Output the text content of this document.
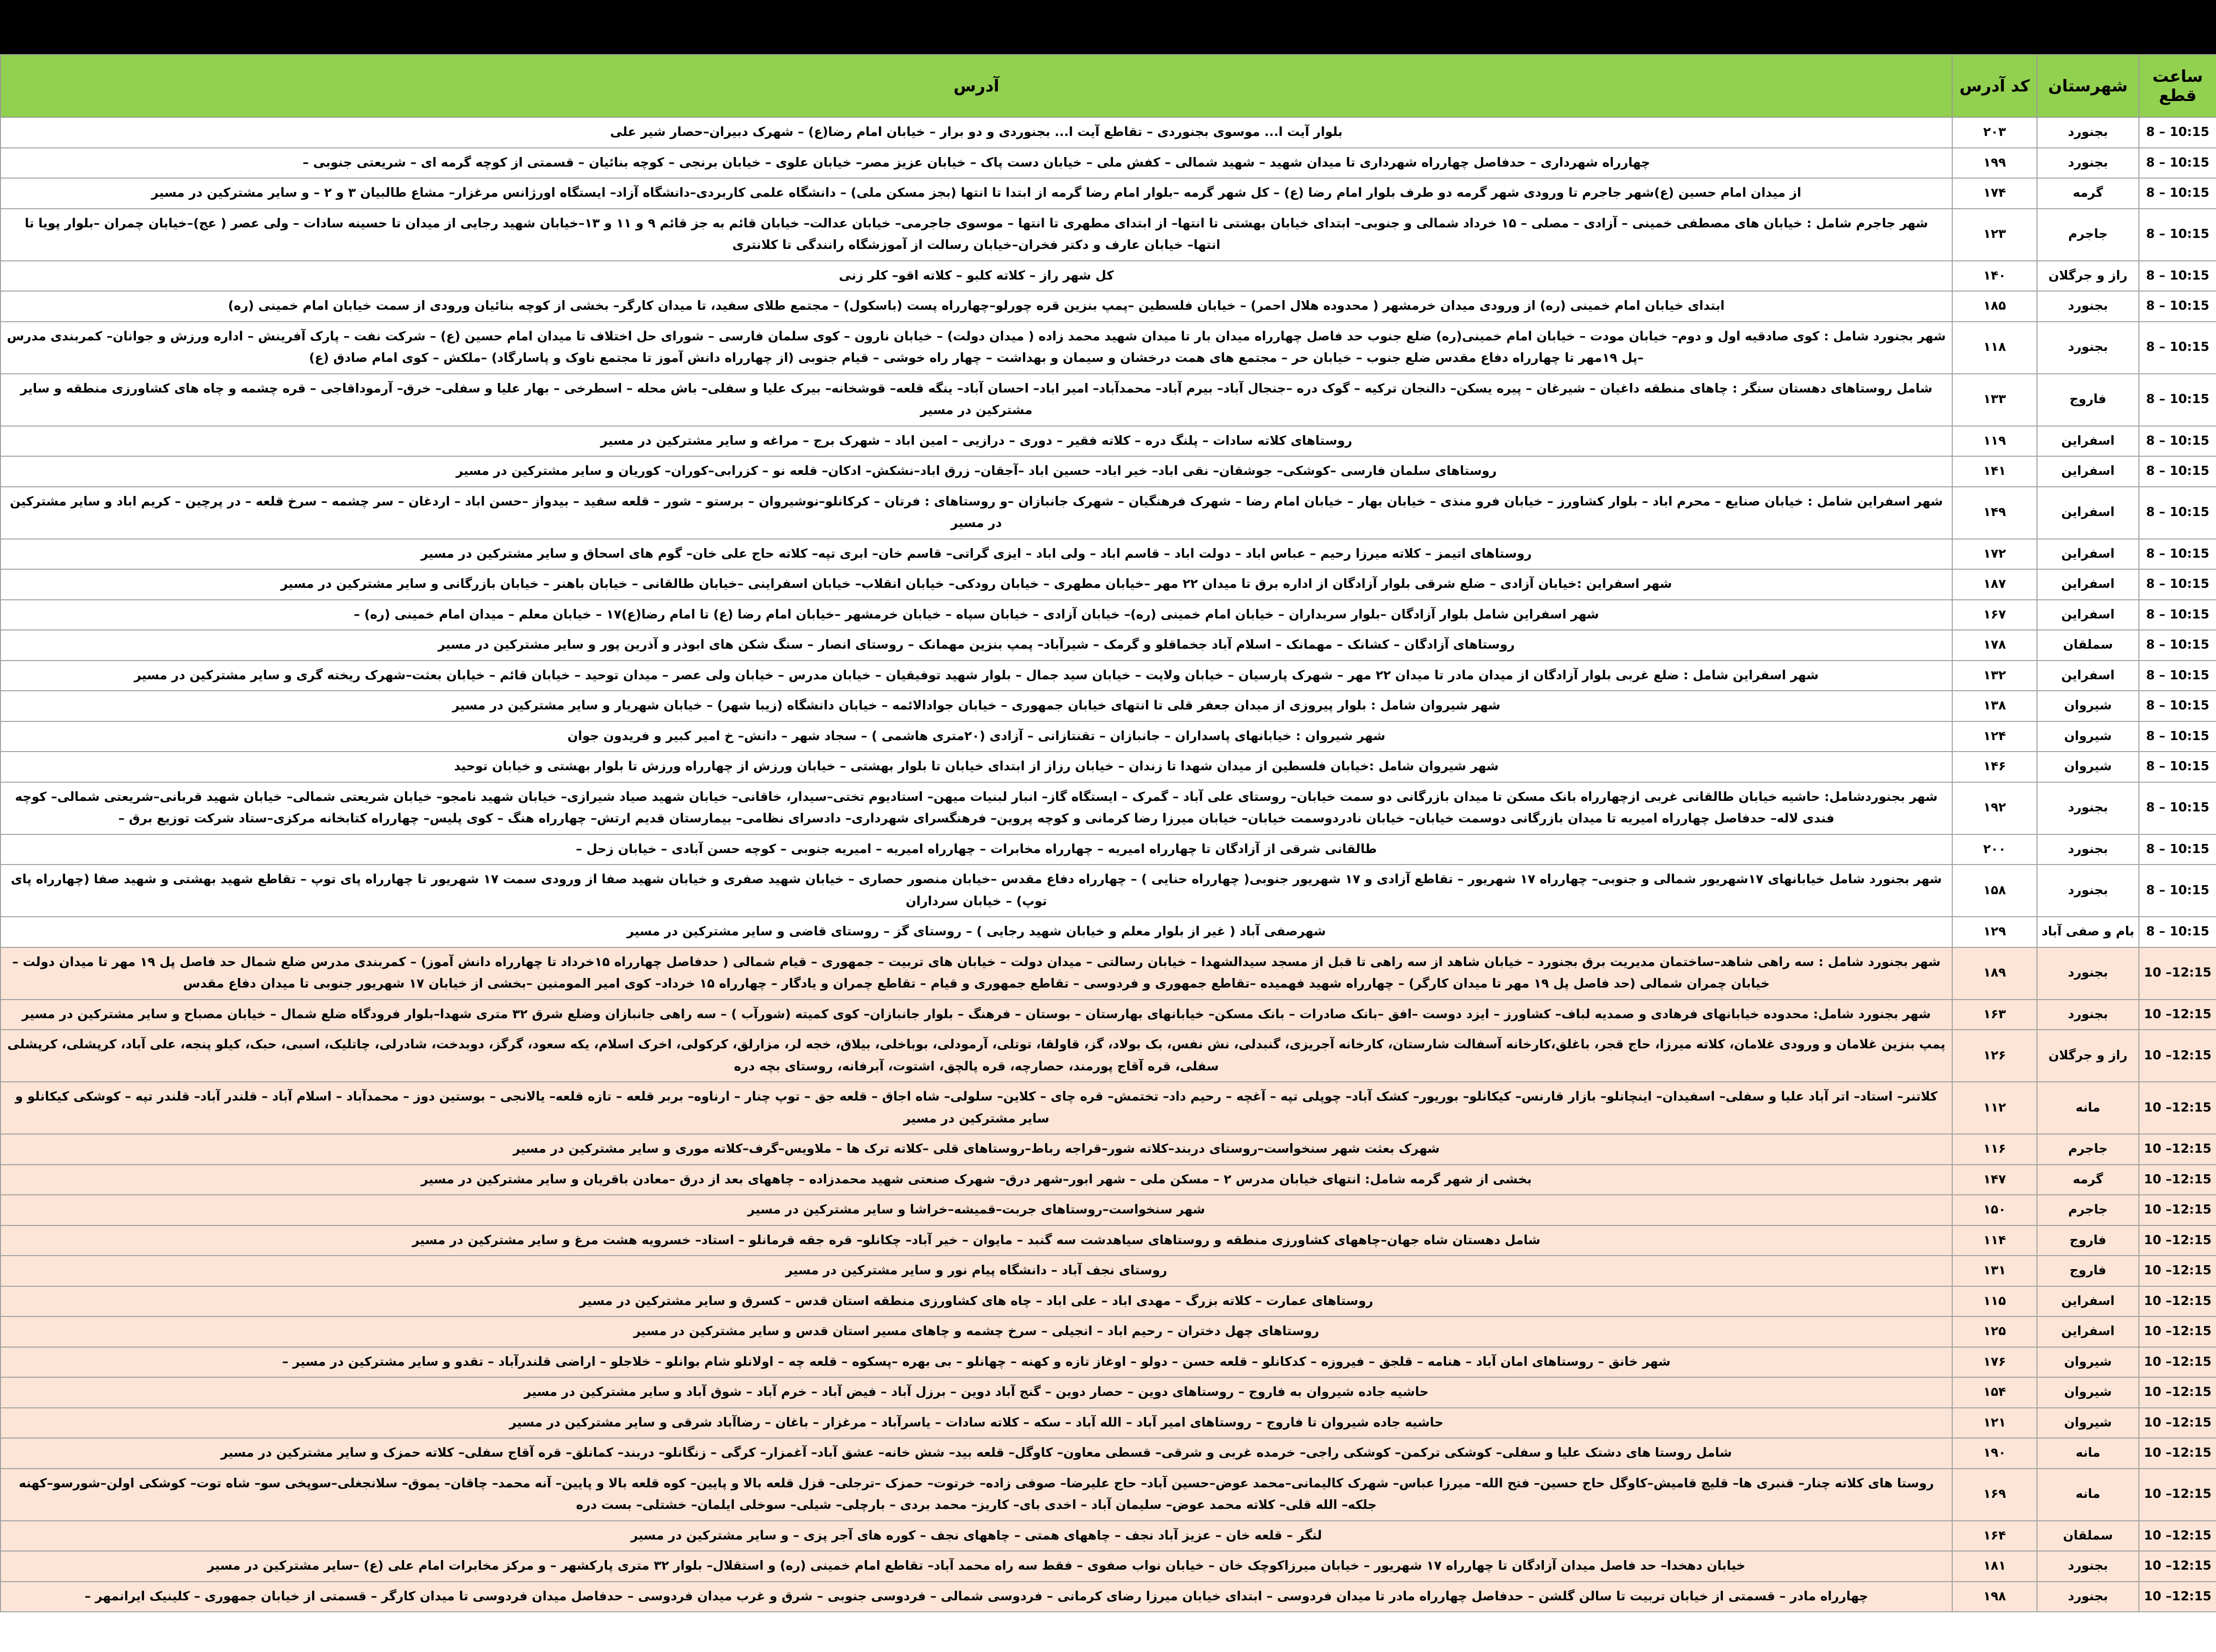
ساعت قطع	شهرستان	کد آدرس	آدرس
8 – 10:15	بجنورد	۲۰۳	بلوار آیت ا... موسوی بجنوردی – تقاطع آیت ا... بجنوردی و دو برار – خیابان امام رضا(ع) – شهرک دبیران–حصار شیر علی
8 – 10:15	بجنورد	۱۹۹	چهارراه شهرداری – حدفاصل چهارراه شهرداری تا میدان شهید – شهید شمالی – کفش ملی – خیابان دست پاک – خیابان عزیز مصر– خیابان علوی – خیابان برنجی – کوچه بنائیان – قسمتی از کوچه گرمه ای – شریعتی جنوبی –
8 – 10:15	گرمه	۱۷۴	از میدان امام حسین (ع)شهر جاجرم تا ورودی شهر گرمه دو طرف بلوار امام رضا (ع) – کل شهر گرمه –بلوار امام رضا گرمه از ابتدا تا انتها (بجز مسکن ملی) – دانشگاه علمی کاربردی–دانشگاه آزاد– ایستگاه اورژانس مرغزار– مشاع طالبیان ۳ و ۲ – و سایر مشترکین در مسیر
8 – 10:15	جاجرم	۱۲۳	شهر جاجرم شامل : خیابان های مصطفی خمینی – آزادی – مصلی – ۱۵ خرداد شمالی و جنوبی– ابتدای خیابان بهشتی تا انتها– از ابتدای مطهری تا انتها – موسوی جاجرمی– خیابان عدالت– خیابان قائم به جز قائم ۹ و ۱۱ و ۱۳–خیابان شهید رجایی از میدان تا حسینه سادات – ولی عصر ( عج)–خیابان چمران –بلوار پویا تا انتها– خیابان عارف و دکتر فخران–خیابان رسالت از آموزشگاه رانندگی تا کلانتری
8 – 10:15	راز و جرگلان	۱۴۰	کل شهر راز – کلاته کلبو – کلاته اقو– کلر زنی
8 – 10:15	بجنورد	۱۸۵	ابتدای خیابان امام خمینی (ره) از ورودی میدان خرمشهر ( محدوده هلال احمر) – خیابان فلسطین –پمپ بنزین قره چورلو–چهارراه پست (باسکول) – مجتمع طلای سفید، تا میدان کارگر– بخشی از کوچه بنائیان ورودی از سمت خیابان امام خمینی (ره)
8 – 10:15	بجنورد	۱۱۸	شهر بجنورد شامل : کوی صادقیه اول و دوم– خیابان مودت – خیابان امام خمینی(ره) ضلع جنوب حد فاصل چهارراه میدان بار تا میدان شهید محمد زاده ( میدان دولت) – خیابان نارون – کوی سلمان فارسی – شورای حل اختلاف تا میدان امام حسین (ع) – شرکت نفت – پارک آفرینش – اداره ورزش و جوانان– کمربندی مدرس –پل ۱۹مهر تا چهارراه دفاع مقدس ضلع جنوب – خیابان حر – مجتمع های همت درخشان و سیمان و بهداشت – چهار راه خوشی – قیام جنوبی (از چهارراه دانش آموز تا مجتمع ناوک و پاسارگاد) –ملکش – کوی امام صادق (ع)
8 – 10:15	فاروج	۱۳۳	شامل روستاهای دهستان سنگر : چاهای منطقه داغیان – شیرغان – پیره یسکن– دالنجان ترکیه – گوک دره –جنجال آباد– بیرم آباد– محمدآباد– امیر اباد– احسان آباد– ینگه قلعه– قوشخانه– بیرک علیا و سفلی– باش محله – اسطرخی – بهار علیا و سفلی– خرق– آرموداقاجی – قره چشمه و چاه های کشاورزی منطقه و سایر مشترکین در مسیر
8 – 10:15	اسفراین	۱۱۹	روستاهای کلاته سادات – پلنگ دره – کلاته فقیر – دوری – درازیی – امین اباد – شهرک برج – مراغه و سایر مشترکین در مسیر
8 – 10:15	اسفراین	۱۴۱	روستاهای سلمان فارسی –کوشکی– جوشقان– نقی اباد– خیر اباد– حسین اباد –آجقان– زرق اباد–نشکش– ادکان– قلعه نو – کزرابی–کوران– کوریان و سایر مشترکین در مسیر
8 – 10:15	اسفراین	۱۴۹	شهر اسفراین شامل : خیابان صنایع – محرم اباد – بلوار کشاورز – خیابان فرو منذی – خیابان بهار – خیابان امام رضا – شهرک فرهنگیان – شهرک جانبازان –و روستاهای : فرتان – کرکانلو–نوشیروان – برستو – شور – قلعه سفید – بیدواز –حسن اباد – اردغان – سر چشمه – سرخ قلعه – در پرچین – کریم اباد و سایر مشترکین در مسیر
8 – 10:15	اسفراین	۱۷۲	روستاهای اتیمز – کلاته میرزا رحیم – عباس اباد – دولت اباد – قاسم اباد – ولی اباد – ایزی گراتی– قاسم خان– ابری تپه– کلاته حاج علی خان– گوم های اسحاق و سایر مشترکین در مسیر
8 – 10:15	اسفراین	۱۸۷	شهر اسفراین :خیابان آزادی – ضلع شرقی بلوار آزادگان از اداره برق تا میدان ۲۲ مهر –خیابان مطهری – خیابان رودکی– خیابان انقلاب– خیابان اسفراینی –خیابان طالقانی – خیابان باهنر – خیابان بازرگانی و سایر مشترکین در مسیر
8 – 10:15	اسفراین	۱۶۷	شهر اسفراین شامل بلوار آزادگان –بلوار سربداران – خیابان امام خمینی (ره)– خیابان آزادی – خیابان سپاه – خیابان خرمشهر –خیابان امام رضا (ع) تا امام رضا(ع)۱۷ – خیابان معلم – میدان امام خمینی (ره) –
8 – 10:15	سملقان	۱۷۸	روستاهای آزادگان – کشانک – مهمانک – اسلام آباد جخماقلو و گرمک – شیرآباد– پمپ بنزین مهمانک – روستای انصار – سنگ شکن های ابوذر و آذرین پور و سایر مشترکین در مسیر
8 – 10:15	اسفراین	۱۳۲	شهر اسفراین شامل : ضلع غربی بلوار آزادگان از میدان مادر تا میدان ۲۲ مهر – شهرک پارسیان – خیابان ولایت – خیابان سید جمال – بلوار شهید توفیقیان – خیابان مدرس – خیابان ولی عصر – میدان توحید – خیابان قائم – خیابان بعثت–شهرک ریخته گری و سایر مشترکین در مسیر
8 – 10:15	شیروان	۱۳۸	شهر شیروان شامل : بلوار پیروزی از میدان جعفر قلی تا انتهای خیابان جمهوری – خیابان جوادالائمه – خیابان دانشگاه (زیبا شهر) – خیابان شهریار و سایر مشترکین در مسیر
8 – 10:15	شیروان	۱۲۴	شهر شیروان : خیابانهای پاسداران – جانبازان – تقنتازانی – آزادی (۲۰متری هاشمی ) – سجاد شهر – دانش– خ امیر کبیر و فریدون جوان
8 – 10:15	شیروان	۱۴۶	شهر شیروان شامل :خیابان فلسطین از میدان شهدا تا زندان – خیابان رزاز از ابتدای خیابان تا بلوار بهشتی – خیابان ورزش از چهارراه ورزش تا بلوار بهشتی و خیابان توحید
8 – 10:15	بجنورد	۱۹۲	شهر بجنوردشامل: حاشیه خیابان طالقانی غربی ازچهارراه بانک مسکن تا میدان بازرگانی دو سمت خیابان– روستای علی آباد – گمرک – ایستگاه گاز– انبار لبنیات میهن– استادیوم تختی–سیدار، خاقانی– خیابان شهید صیاد شیرازی– خیابان شهید نامجو– خیابان شریعتی شمالی– خیابان شهید قربانی–شریعتی شمالی– کوچه فندی لاله– حدفاصل چهارراه امیریه تا میدان بازرگانی دوسمت خیابان– خیابان نادردوسمت خیابان– خیابان میرزا رضا کرمانی و کوچه پروین– فرهنگسرای شهرداری– دادسرای نظامی– بیمارستان قدیم ارتش– چهارراه هنگ – کوی پلیس– چهارراه کتابخانه مرکزی–ستاد شرکت توزیع برق –
8 – 10:15	بجنورد	۲۰۰	طالقانی شرقی از آزادگان تا چهارراه امیریه – چهارراه مخابرات – چهارراه امیریه – امیریه جنوبی – کوچه حسن آبادی – خیابان زحل –
8 – 10:15	بجنورد	۱۵۸	شهر بجنورد شامل خیابانهای ۱۷شهریور شمالی و جنوبی– چهارراه ۱۷ شهریور – تقاطع آزادی و ۱۷ شهریور جنوبی( چهارراه حنایی ) – چهارراه دفاع مقدس –خیابان منصور حصاری – خیابان شهید صفری و خیابان شهید صفا از ورودی سمت ۱۷ شهریور تا چهارراه پای توپ – تقاطع شهید بهشتی و شهید صفا (چهارراه پای توپ) – خیابان سرداران
8 – 10:15	بام و صفی آباد	۱۲۹	شهرصفی آباد ( غیر از بلوار معلم و خیابان شهید رجایی ) – روستای گز – روستای قاضی و سایر مشترکین در مسیر
10 –12:15	بجنورد	۱۸۹	شهر بجنورد شامل : سه راهی شاهد–ساختمان مدیریت برق بجنورد – خیابان شاهد از سه راهی تا قبل از مسجد سیدالشهدا – خیابان رسالتی – میدان دولت – خیابان های تربیت – جمهوری – قیام شمالی ( حدفاصل چهارراه ۱۵خرداد تا چهارراه دانش آموز) – کمربندی مدرس ضلع شمال حد فاصل پل ۱۹ مهر تا میدان دولت – خیابان چمران شمالی (حد فاصل پل ۱۹ مهر تا میدان کارگر) – چهارراه شهید فهمیده –تقاطع جمهوری و فردوسی – تقاطع جمهوری و قیام – تقاطع چمران و یادگار – چهارراه ۱۵ خرداد– کوی امیر المومنین –بخشی از خیابان ۱۷ شهریور جنوبی تا میدان دفاع مقدس
10 –12:15	بجنورد	۱۶۳	شهر بجنورد شامل: محدوده خیابانهای فرهادی و صمدیه لباف– کشاورز – ایزد دوست –افق –بانک صادرات – بانک مسکن– خیابانهای بهارستان – بوستان – فرهنگ – بلوار جانبازان– کوی کمیته (شورآب ) – سه راهی جانبازان وضلع شرق ۳۲ متری شهدا–بلوار فرودگاه ضلع شمال – خیابان مصباح و سایر مشترکین در مسیر
10 –12:15	راز و جرگلان	۱۲۶	پمپ بنزین غلامان و ورودی غلامان، کلاته میرزا، حاج قجر، باغلق،کارخانه آسفالت شارستان، کارخانه آجریزی، گنبدلی، نش نفس، بک بولاد، گز، قاولقا، توتلی، آرمودلی، بوباخلی، بیلاق، خجه لر، مزارلق، کرکولی، اخرک اسلام، یکه سعود، گرگز، دوبدخت، شادرلی، چاتلیک، اسبی، حبک، کیلو پنجه، علی آباد، کرپشلی، کرپشلی سفلی، قره آقاج پورمند، حصارچه، قره پالچق، اشتوت، آبرفانه، روستای بچه دره
10 –12:15	مانه	۱۱۲	کلاتنر– استاد– اتر آباد علیا و سفلی– اسفیدان– اینچانلو– بازار قارنس– کیکانلو– بوریور– کشک آباد– چوپلی تپه – آغچه – رحیم داد– تختمش– قره چای – کلاین– سلولی– شاه اجاق – قلعه جق – توپ چنار – ارناوه– بربر قلعه – تازه قلعه– یالانجی – بوستین دوز – محمدآباد – اسلام آباد – قلندر آباد– قلندر تپه – کوشکی کیکانلو و سایر مشترکین در مسیر
10 –12:15	جاجرم	۱۱۶	شهرک بعثت شهر سنخواست–روستای دربند–کلاته شور–قراجه رباط–روستاهای قلی –کلاته ترک ها – ملاویس–گرف–کلاته موری و سایر مشترکین در مسیر
10 –12:15	گرمه	۱۴۷	بخشی از شهر گرمه شامل: انتهای خیابان مدرس ۲ – مسکن ملی – شهر ابور–شهر درق– شهرک صنعتی شهید محمدزاده – چاههای بعد از درق –معادن باقریان و سایر مشترکین در مسیر
10 –12:15	جاجرم	۱۵۰	شهر سنخواست–روستاهای جربت–قمیشه–خراشا و سایر مشترکین در مسیر
10 –12:15	فاروج	۱۱۴	شامل دهستان شاه جهان–چاههای کشاورزی منطقه و روستاهای سیاهدشت سه گنبد – مایوان – خیر آباد– چکانلو– قره جقه قرمانلو – استاد– خسرویه هشت مرغ و سایر مشترکین در مسیر
10 –12:15	فاروج	۱۳۱	روستای نجف آباد – دانشگاه پیام نور و سایر مشترکین در مسیر
10 –12:15	اسفراین	۱۱۵	روستاهای عمارت – کلاته بزرگ – مهدی اباد – علی اباد – چاه های کشاورزی منطقه استان قدس – کسرق و سایر مشترکین در مسیر
10 –12:15	اسفراین	۱۲۵	روستاهای چهل دختران – رحیم اباد – انجیلی – سرخ چشمه و چاهای مسیر استان قدس و سایر مشترکین در مسیر
10 –12:15	شیروان	۱۷۶	شهر خانق – روستاهای امان آباد – هنامه – قلجق – فیروزه – کدکانلو – قلعه حسن – دولو – اوغاز تازه و کهنه – چهانلو – بی بهره –پسکوه – قلعه چه – اولانلو شام بوانلو – خلاجلو – اراضی قلندرآباد – تقدو و سایر مشترکین در مسیر –
10 –12:15	شیروان	۱۵۴	حاشیه جاده شیروان به فاروج – روستاهای دوین – حصار دوین – گنج آباد دوین – برزل آباد – فیض آباد – خرم آباد – شوق آباد و سایر مشترکین در مسیر
10 –12:15	شیروان	۱۲۱	حاشیه جاده شیروان تا فاروج – روستاهای امیر آباد – الله آباد – سکه – کلاته سادات – یاسرآباد – مرغزار – باغان – رضاآباد شرقی و سایر مشترکین در مسیر
10 –12:15	مانه	۱۹۰	شامل روستا های دشتک علیا و سفلی– کوشکی ترکمن– کوشکی راجی– خرمده غربی و شرقی– قسطی معاون– کاوگل– قلعه بید– شش خانه– عشق آباد– آغمزار– کرگی – زنگانلو– دربند– کمانلق– قره آقاج سفلی– کلاته حمزک و سایر مشترکین در مسیر
10 –12:15	مانه	۱۶۹	روستا های کلاته چنار– قنبری ها– قلیچ قامیش–کاوگل حاج حسین– فتح الله– میرزا عباس– شهرک کالیمانی–محمد عوض–حسین آباد– حاج علیرضا– صوفی زاده– خرتوت– حمزک –ترجلی– قزل قلعه بالا و پایین– کوه قلعه بالا و پایین– آنه محمد– چاقان– یموق– سلانجغلی–سوپخی سو– شاه توت– کوشکی اولن–شورسو–کهنه جلکه– الله قلی– کلاته محمد عوض– سلیمان آباد – اخدی بای– کاریز– محمد بردی – بارچلی– شیلی– سوخلی ایلمان– خشتلی– بست دره
10 –12:15	سملقان	۱۶۴	لنگر – قلعه خان – عزیز آباد نجف – چاههای همتی – چاههای نجف – کوره های آجر پزی – و سایر مشترکین در مسیر
10 –12:15	بجنورد	۱۸۱	خیابان دهخدا– حد فاصل میدان آزادگان تا چهارراه ۱۷ شهریور – خیابان میرزاکوچک خان – خیابان نواب صفوی – فقط سه راه محمد آباد– تقاطع امام خمینی (ره) و استقلال– بلوار ۳۲ متری پارکشهر – و مرکز مخابرات امام علی (ع) –سایر مشترکین در مسیر
10 –12:15	بجنورد	۱۹۸	چهارراه مادر – قسمتی از خیابان تربیت تا سالن گلشن – حدفاصل چهارراه مادر تا میدان فردوسی – ابتدای خیابان میرزا رضای کرمانی – فردوسی شمالی – فردوسی جنوبی – شرق و غرب میدان فردوسی – حدفاصل میدان فردوسی تا میدان کارگر – قسمتی از خیابان جمهوری – کلینیک ایرانمهر –
